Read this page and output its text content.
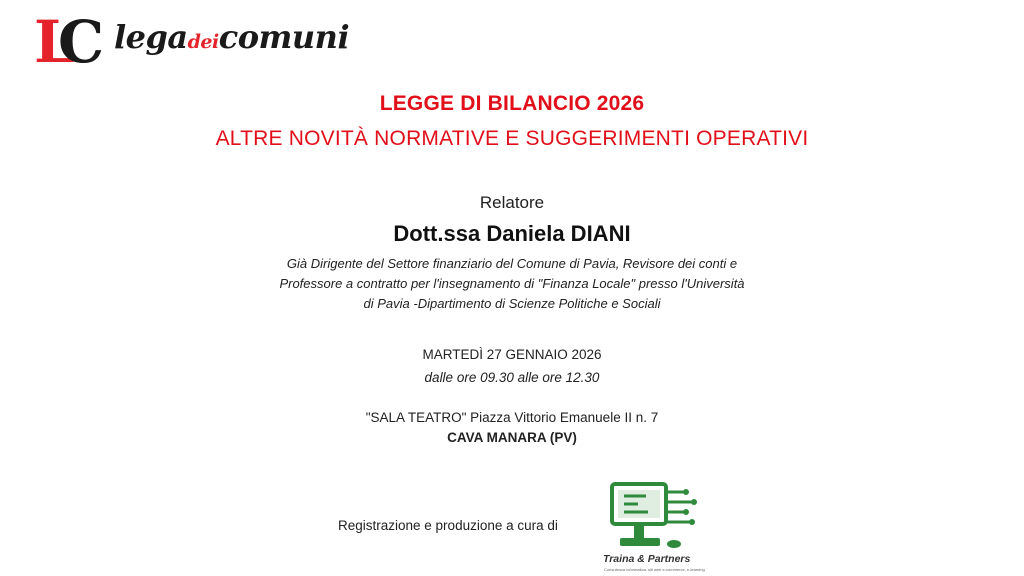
L
C legadeicomuni
LEGGE DI BILANCIO 2026
ALTRE NOVITÀ NORMATIVE E SUGGERIMENTI OPERATIVI
Relatore
Dott.ssa Daniela DIANI
Già Dirigente del Settore finanziario del Comune di Pavia, Revisore dei conti e
Professore a contratto per l'insegnamento di "Finanza Locale" presso l'Università
di Pavia -Dipartimento di Scienze Politiche e Sociali
MARTEDÌ 27 GENNAIO 2026
dalle ore 09.30 alle ore 12.30
"SALA TEATRO" Piazza Vittorio Emanuele II n. 7
CAVA MANARA (PV)
Registrazione e produzione a cura di
Traina & Partners
Consulenza informatica, siti web e-commerce, e-learning
